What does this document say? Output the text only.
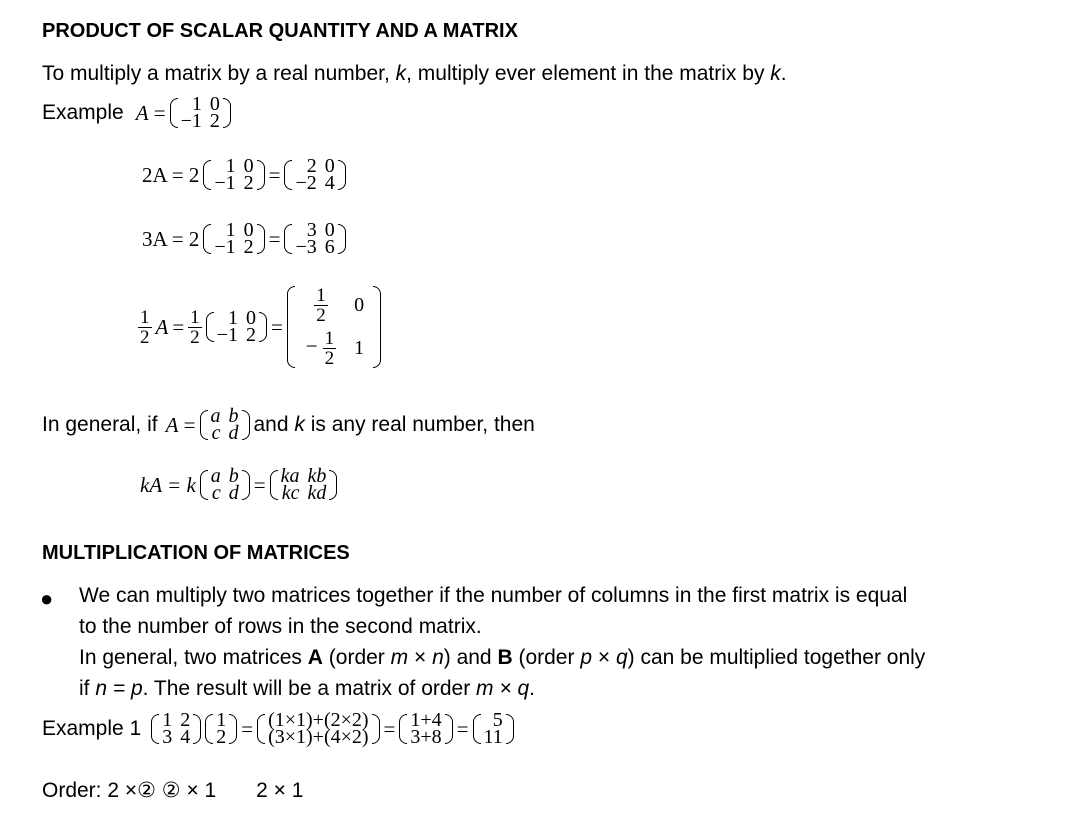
PRODUCT OF SCALAR QUANTITY AND A MATRIX
To multiply a matrix by a real number, k, multiply ever element in the matrix by k.
Example A = 1	0
−1	2
2A = 2 1	0
−1	2 = 2	0
−2	4
3A = 2 1	0
−1	2 = 3	0
−3	6
$\frac{1}{2}$ $A = \frac{1}{2} 1$	0
−1	2 =
$\frac{1}{2}$	0
− $\frac{1}{2}$	1
In general, if A = a	b
c	d and k is any real number, then
kA = k a	b
c	d = ka	kb
kc	kd
MULTIPLICATION OF MATRICES
● We can multiply two matrices together if the number of columns in the first matrix is equal
to the number of rows in the second matrix.
In general, two matrices A (order m × n) and B (order p × q) can be multiplied together only
if n = p. The result will be a matrix of order m × q.
Example 1 1	2
3	4
1
2 = (1×1)+(2×2)
(3×1)+(4×2) = 1+4
3+8 = 5
11
Order: 2 ×② ② × 1 2 × 1
